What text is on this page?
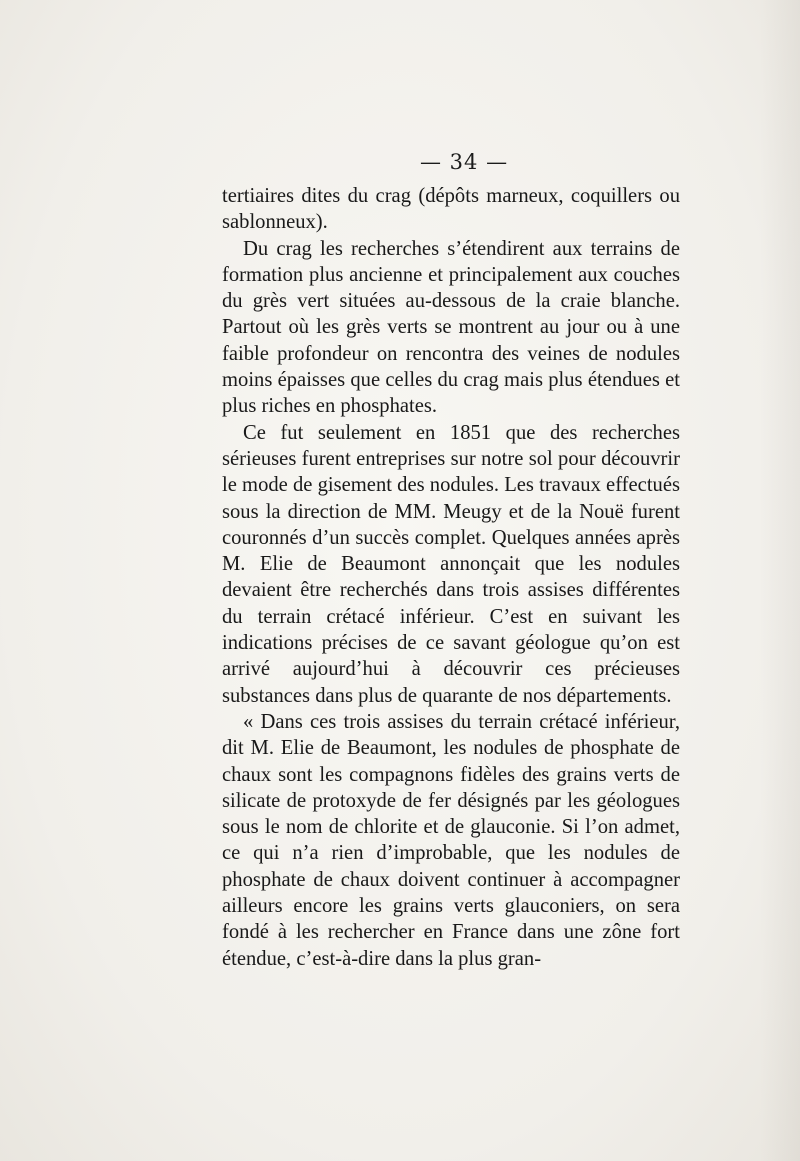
— 34 —

tertiaires dites du crag (dépôts marneux, coquillers ou sablonneux).

Du crag les recherches s’étendirent aux terrains de formation plus ancienne et principalement aux couches du grès vert situées au-dessous de la craie blanche. Partout où les grès verts se montrent au jour ou à une faible profondeur on rencontra des veines de nodules moins épaisses que celles du crag mais plus étendues et plus riches en phosphates.

Ce fut seulement en 1851 que des recherches sérieuses furent entreprises sur notre sol pour découvrir le mode de gisement des nodules. Les travaux effectués sous la direction de MM. Meugy et de la Nouë furent couronnés d’un succès complet. Quelques années après M. Elie de Beaumont annonçait que les nodules devaient être recherchés dans trois assises différentes du terrain crétacé inférieur. C’est en suivant les indications précises de ce savant géologue qu’on est arrivé aujourd’hui à découvrir ces précieuses substances dans plus de quarante de nos départements.

« Dans ces trois assises du terrain crétacé inférieur, dit M. Elie de Beaumont, les nodules de phosphate de chaux sont les compagnons fidèles des grains verts de silicate de protoxyde de fer désignés par les géologues sous le nom de chlorite et de glauconie. Si l’on admet, ce qui n’a rien d’improbable, que les nodules de phosphate de chaux doivent continuer à accompagner ailleurs encore les grains verts glauconiers, on sera fondé à les rechercher en France dans une zône fort étendue, c’est-à-dire dans la plus gran-
